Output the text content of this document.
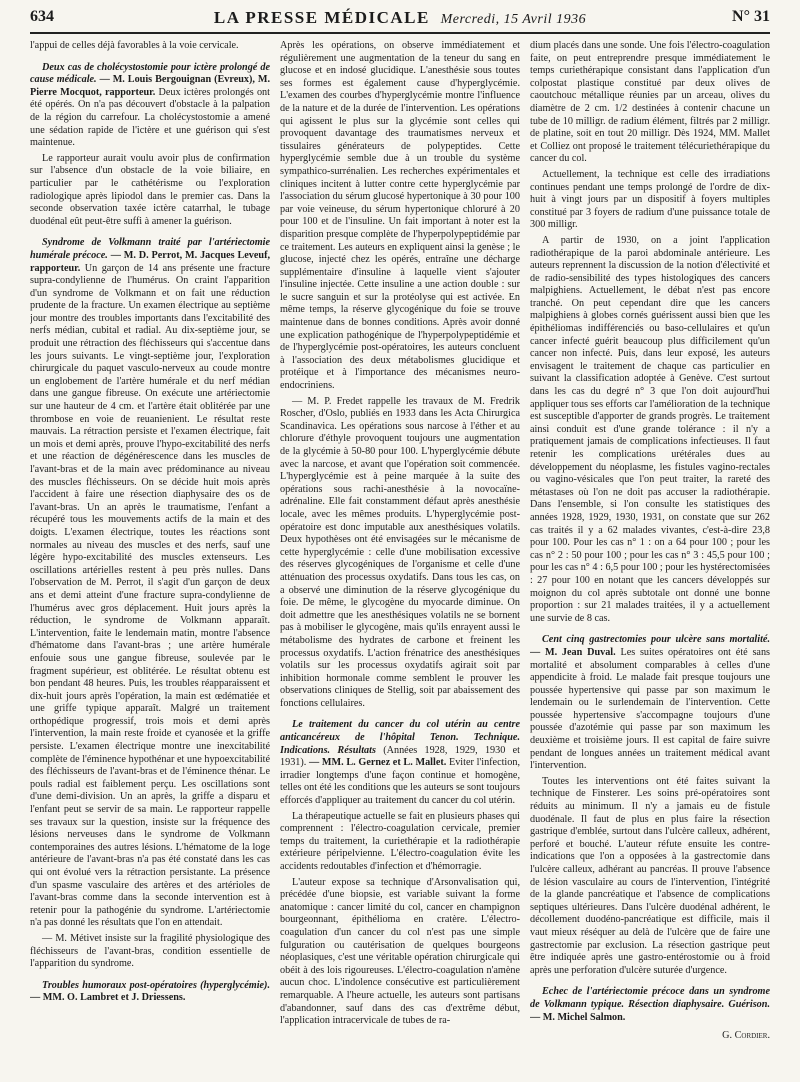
634	LA PRESSE MÉDICALE Mercredi, 15 Avril 1936	N° 31

l'appui de celles déjà favorables à la voie cervicale.

Deux cas de cholécystostomie pour ictère prolongé de cause médicale. — M. Louis Bergouignan (Evreux), M. Pierre Mocquot, rapporteur. Deux ictères prolongés ont été opérés. On n'a pas découvert d'obstacle à la palpation de la région du carrefour. La cholécystostomie a amené une sédation rapide de l'ictère et une guérison qui s'est maintenue.

Le rapporteur aurait voulu avoir plus de confirmation sur l'absence d'un obstacle de la voie biliaire, en particulier par le cathétérisme ou l'exploration radiologique après lipiodol dans le premier cas. Dans la seconde observation taxée ictère catarrhal, le tubage duodénal eût peut-être suffi à amener la guérison.

Syndrome de Volkmann traité par l'artériectomie humérale précoce. — M. D. Perrot, M. Jacques Leveuf, rapporteur. Un garçon de 14 ans présente une fracture supra-condylienne de l'humérus. On craint l'apparition d'un syndrome de Volkmann et on fait une réduction prudente de la fracture. Un examen électrique au septième jour montre des troubles importants dans l'excitabilité des nerfs médian, cubital et radial. Au dix-septième jour, se produit une rétraction des fléchisseurs qui s'accentue dans les jours suivants. Le vingt-septième jour, l'exploration chirurgicale du paquet vasculo-nerveux au coude montre un englobement de l'artère humérale et du nerf médian dans une gangue fibreuse. On exécute une artériectomie sur une hauteur de 4 cm. et l'artère était oblitérée par une thrombose en voie de reuanienient. Le résultat reste mauvais. La rétraction persiste et l'examen électrique, fait un mois et demi après, prouve l'hypo-excitabilité des nerfs et une réaction de dégénérescence dans les muscles de l'avant-bras et de la main avec prédominance au niveau des muscles fléchisseurs. On se décide huit mois après l'accident à faire une résection diaphysaire des os de l'avant-bras. Un an après le traumatisme, l'enfant a récupéré tous les mouvements actifs de la main et des doigts. L'examen électrique, toutes les réactions sont normales au niveau des muscles et des nerfs, sauf une légère hypo-excitabilité des muscles extenseurs. Les oscillations artérielles restent à peu près nulles. Dans l'observation de M. Perrot, il s'agit d'un garçon de deux ans et demi atteint d'une fracture supra-condylienne de l'humérus avec gros déplacement. Huit jours après la réduction, le syndrome de Volkmann apparaît. L'intervention, faite le lendemain matin, montre l'absence d'hématome dans l'avant-bras ; une artère humérale enfouie sous une gangue fibreuse, soulevée par le fragment supérieur, est oblitérée. Le résultat obtenu est bon pendant 48 heures. Puis, les troubles réapparaissent et dix-huit jours après l'opération, la main est œdématiée et une griffe typique apparaît. Malgré un traitement orthopédique progressif, trois mois et demi après l'intervention, la main reste froide et cyanosée et la griffe persiste. L'examen électrique montre une inexcitabilité complète de l'éminence hypothénar et une hypoexcitabilité des fléchisseurs de l'avant-bras et de l'éminence thénar. Le pouls radial est faiblement perçu. Les oscillations sont d'une demi-division. Un an après, la griffe a disparu et l'enfant peut se servir de sa main. Le rapporteur rappelle ses travaux sur la question, insiste sur la fréquence des lésions nerveuses dans le syndrome de Volkmann contemporaines des autres lésions. L'hématome de la loge antérieure de l'avant-bras n'a pas été constaté dans les cas qui ont évolué vers la rétraction persistante. La présence d'un spasme vasculaire des artères et des artérioles de l'avant-bras comme dans la seconde intervention est à retenir pour la pathogénie du syndrome. L'artériectomie n'a pas donné les résultats que l'on en attendait.

— M. Métivet insiste sur la fragilité physiologique des fléchisseurs de l'avant-bras, condition essentielle de l'apparition du syndrome.

Troubles humoraux post-opératoires (hyperglycémie). — MM. O. Lambret et J. Driessens.

Après les opérations, on observe immédiatement et régulièrement une augmentation de la teneur du sang en glucose et en indosé glucidique. L'anesthésie sous toutes ses formes est également cause d'hyperglycémie. L'examen des courbes d'hyperglycémie montre l'influence de la nature et de la durée de l'intervention. Les opérations qui agissent le plus sur la glycémie sont celles qui provoquent davantage des traumatismes nerveux et tissulaires générateurs de polypeptides. Cette hyperglycémie semble due à un trouble du système sympathico-surrénalien. Les recherches expérimentales et cliniques incitent à lutter contre cette hyperglycémie par l'association du sérum glucosé hypertonique à 30 pour 100 par voie veineuse, du sérum hypertonique chloruré à 20 pour 100 et de l'insuline. Un fait important à noter est la disparition presque complète de l'hyperpolypeptidémie par ce traitement. Les auteurs en expliquent ainsi la genèse ; le glucose, injecté chez les opérés, entraîne une décharge supplémentaire d'insuline à laquelle vient s'ajouter l'insuline injectée. Cette insuline a une action double : sur le sucre sanguin et sur la protéolyse qui est activée. En même temps, la réserve glycogénique du foie se trouve maintenue dans de bonnes conditions. Après avoir donné une explication pathogénique de l'hyperpolypeptidémie et de l'hyperglycémie post-opératoires, les auteurs concluent à l'association des deux métabolismes glucidique et protéique et à l'importance des mécanismes neuro-endocriniens.

— M. P. Fredet rappelle les travaux de M. Fredrik Roscher, d'Oslo, publiés en 1933 dans les Acta Chirurgica Scandinavica. Les opérations sous narcose à l'éther et au chlorure d'éthyle provoquent toujours une augmentation de la glycémie à 50-80 pour 100. L'hyperglycémie débute avec la narcose, et avant que l'opération soit commencée. L'hyperglycémie est à peine marquée à la suite des opérations sous rachi-anesthésie à la novocaïne-adrénaline. Elle fait constamment défaut après anesthésie locale, avec les mêmes produits. L'hyperglycémie post-opératoire est donc imputable aux anesthésiques volatils. Deux hypothèses ont été envisagées sur le mécanisme de cette hyperglycémie : celle d'une mobilisation excessive des réserves glycogéniques de l'organisme et celle d'une atténuation des processus oxydatifs. Dans tous les cas, on a observé une diminution de la réserve glycogénique du foie. De même, le glycogène du myocarde diminue. On doit admettre que les anesthésiques volatils ne se bornent pas à mobiliser le glycogène, mais qu'ils enrayent aussi le métabolisme des hydrates de carbone et freinent les processus oxydatifs. L'action frénatrice des anesthésiques volatils sur les processus oxydatifs agirait soit par inhibition hormonale comme semblent le prouver les observations cliniques de Stellig, soit par abaissement des fonctions cellulaires.

Le traitement du cancer du col utérin au centre anticancéreux de l'hôpital Tenon. Technique. Indications. Résultats (Années 1928, 1929, 1930 et 1931). — MM. L. Gernez et L. Mallet. Eviter l'infection, irradier longtemps d'une façon continue et homogène, telles ont été les conditions que les auteurs se sont toujours efforcés d'appliquer au traitement du cancer du col utérin.

La thérapeutique actuelle se fait en plusieurs phases qui comprennent : l'électro-coagulation cervicale, premier temps du traitement, la curiethérapie et la radiothérapie extérieure péripelvienne. L'électro-coagulation évite les accidents redoutables d'infection et d'hémorragie.

L'auteur expose sa technique d'Arsonvalisation qui, précédée d'une biopsie, est variable suivant la forme anatomique : cancer limité du col, cancer en champignon bourgeonnant, épithélioma en cratère. L'électro-coagulation d'un cancer du col n'est pas une simple fulguration ou cautérisation de quelques bourgeons néoplasiques, c'est une véritable opération chirurgicale qui obéit à des lois rigoureuses. L'électro-coagulation n'amène aucun choc. L'indolence consécutive est particulièrement remarquable. A l'heure actuelle, les auteurs sont partisans d'abandonner, sauf dans des cas d'extrême début, l'application intracervicale de tubes de ra-

dium placés dans une sonde. Une fois l'électro-coagulation faite, on peut entreprendre presque immédiatement le temps curiethérapique consistant dans l'application d'un colpostat plastique constitué par deux olives de caoutchouc métallique réunies par un arceau, olives du diamètre de 2 cm. 1/2 destinées à contenir chacune un tube de 10 milligr. de radium élément, filtrés par 2 milligr. de platine, soit en tout 20 milligr. Dès 1924, MM. Mallet et Colliez ont proposé le traitement télécuriethérapique du cancer du col.

Actuellement, la technique est celle des irradiations continues pendant une temps prolongé de l'ordre de dix-huit à vingt jours par un dispositif à foyers multiples constitué par 3 foyers de radium d'une puissance totale de 300 milligr.

A partir de 1930, on a joint l'application radiothérapique de la paroi abdominale antérieure. Les auteurs reprennent la discussion de la notion d'électivité et de radio-sensibilité des types histologiques des cancers malpighiens. Actuellement, le débat n'est pas encore tranché. On peut cependant dire que les cancers malpighiens à globes cornés guérissent aussi bien que les épithéliomas indifférenciés ou baso-cellulaires et qu'un cancer infecté guérit beaucoup plus difficilement qu'un cancer non infecté. Puis, dans leur exposé, les auteurs envisagent le traitement de chaque cas particulier en suivant la classification adoptée à Genève. C'est surtout dans les cas du degré n° 3 que l'on doit aujourd'hui appliquer tous ses efforts car l'amélioration de la technique est susceptible d'apporter de grands progrès. Le traitement ainsi conduit est d'une grande tolérance : il n'y a pratiquement jamais de complications infectieuses. Il faut retenir les complications urétérales dues au développement du néoplasme, les fistules vagino-rectales ou vagino-vésicales que l'on peut traiter, la rareté des métastases où l'on ne doit pas accuser la radiothérapie. Dans l'ensemble, si l'on consulte les statistiques des années 1928, 1929, 1930, 1931, on constate que sur 262 cas traités il y a 62 malades vivantes, c'est-à-dire 23,8 pour 100. Pour les cas n° 1 : on a 64 pour 100 ; pour les cas n° 2 : 50 pour 100 ; pour les cas n° 3 : 45,5 pour 100 ; pour les cas n° 4 : 6,5 pour 100 ; pour les hystérectomisées : 27 pour 100 en notant que les cancers développés sur moignon du col après subtotale ont donné une bonne proportion : sur 21 malades traitées, il y a actuellement une survie de 8 cas.

Cent cinq gastrectomies pour ulcère sans mortalité. — M. Jean Duval. Les suites opératoires ont été sans mortalité et absolument comparables à celles d'une appendicite à froid. Le malade fait presque toujours une poussée hypertensive qui passe par son maximum le lendemain ou le surlendemain de l'intervention. Cette poussée hypertensive s'accompagne toujours d'une poussée d'azotémie qui passe par son maximum les deuxième et troisième jours. Il est capital de faire suivre pendant de longues années un traitement médical avant l'intervention.

Toutes les interventions ont été faites suivant la technique de Finsterer. Les soins pré-opératoires sont réduits au minimum. Il n'y a jamais eu de fistule duodénale. Il faut de plus en plus faire la résection gastrique d'emblée, surtout dans l'ulcère calleux, adhérent, perforé et bouché. L'auteur réfute ensuite les contre-indications que l'on a opposées à la gastrectomie dans l'ulcère calleux, adhérant au pancréas. Il prouve l'absence de lésion vasculaire au cours de l'intervention, l'intégrité de la glande pancréatique et l'absence de complications septiques ultérieures. Dans l'ulcère duodénal adhérent, le décollement duodéno-pancréatique est difficile, mais il vaut mieux réséquer au delà de l'ulcère que de faire une gastrectomie par exclusion. La résection gastrique peut être indiquée après une gastro-entérostomie ou à froid après une perforation d'ulcère suturée d'urgence.

Echec de l'artériectomie précoce dans un syndrome de Volkmann typique. Résection diaphysaire. Guérison. — M. Michel Salmon.

G. Cordier.
